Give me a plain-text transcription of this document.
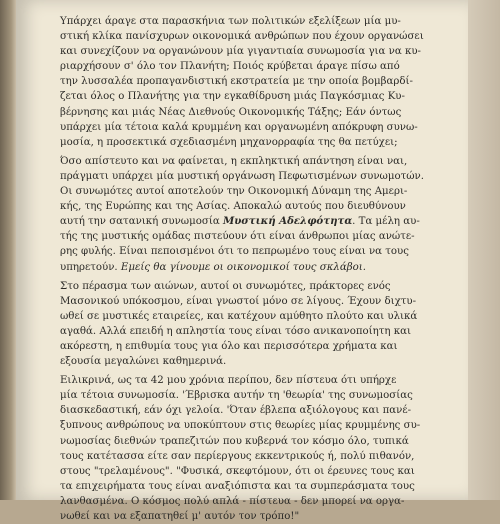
Υπάρχει άραγε στα παρασκήνια των πολιτικών εξελίξεων μία μυ-
στική κλίκα πανίσχυρων οικονομικά ανθρώπων που έχουν οργανώσει
και συνεχίζουν να οργανώνουν μία γιγαντιαία συνωμοσία για να κυ-
ριαρχήσουν σ' όλο τον Πλανήτη; Ποιός κρύβεται άραγε πίσω από
την λυσσαλέα προπαγανδιστική εκστρατεία με την οποία βομβαρδί-
ζεται όλος ο Πλανήτης για την εγκαθίδρυση μιάς Παγκόσμιας Κυ-
βέρνησης και μιάς Νέας Διεθνούς Οικονομικής Τάξης; Εάν όντως
υπάρχει μία τέτοια καλά κρυμμένη και οργανωμένη απόκρυφη συνω-
μοσία, η προσεκτικά σχεδιασμένη μηχανορραφία της θα πετύχει;
Όσο απίστευτο και να φαίνεται, η εκπληκτική απάντηση είναι ναι,
πράγματι υπάρχει μία μυστική οργάνωση Πεφωτισμένων συνωμοτών.
Οι συνωμότες αυτοί αποτελούν την Οικονομική Δύναμη της Αμερι-
κής, της Ευρώπης και της Ασίας. Αποκαλώ αυτούς που διευθύνουν
αυτή την σατανική συνωμοσία Μυστική Αδελφότητα. Τα μέλη αυ-
τής της μυστικής ομάδας πιστεύουν ότι είναι άνθρωποι μίας ανώτε-
ρης φυλής. Είναι πεποισμένοι ότι το πεπρωμένο τους είναι να τους
υπηρετούν. Εμείς θα γίνουμε οι οικονομικοί τους σκλάβοι.
Στο πέρασμα των αιώνων, αυτοί οι συνωμότες, πράκτορες ενός
Μασονικού υπόκοσμου, είναι γνωστοί μόνο σε λίγους. Έχουν διχτυ-
ωθεί σε μυστικές εταιρείες, και κατέχουν αμύθητο πλούτο και υλικά
αγαθά. Αλλά επειδή η απληστία τους είναι τόσο ανικανοποίητη και
ακόρεστη, η επιθυμία τους για όλο και περισσότερα χρήματα και
εξουσία μεγαλώνει καθημερινά.
Ειλικρινά, ως τα 42 μου χρόνια περίπου, δεν πίστευα ότι υπήρχε
μία τέτοια συνωμοσία. 'Έβρισκα αυτήν τη 'θεωρία' της συνωμοσίας
διασκεδαστική, εάν όχι γελοία. 'Όταν έβλεπα αξιόλογους και πανέ-
ξυπνους ανθρώπους να υποκύπτουν στις θεωρίες μίας κρυμμένης συ-
νωμοσίας διεθνών τραπεζιτών που κυβερνά τον κόσμο όλο, τυπικά
τους κατέτασσα είτε σαν περίεργους εκκεντρικούς ή, πολύ πιθανόν,
στους "τρελαμένους". "Φυσικά, σκεφτόμουν, ότι οι έρευνες τους και
τα επιχειρήματα τους είναι αναξιόπιστα και τα συμπεράσματα τους
λανθασμένα. Ο κόσμος πολύ απλά - πίστευα - δεν μπορεί να οργα-
νωθεί και να εξαπατηθεί μ' αυτόν τον τρόπο!"
